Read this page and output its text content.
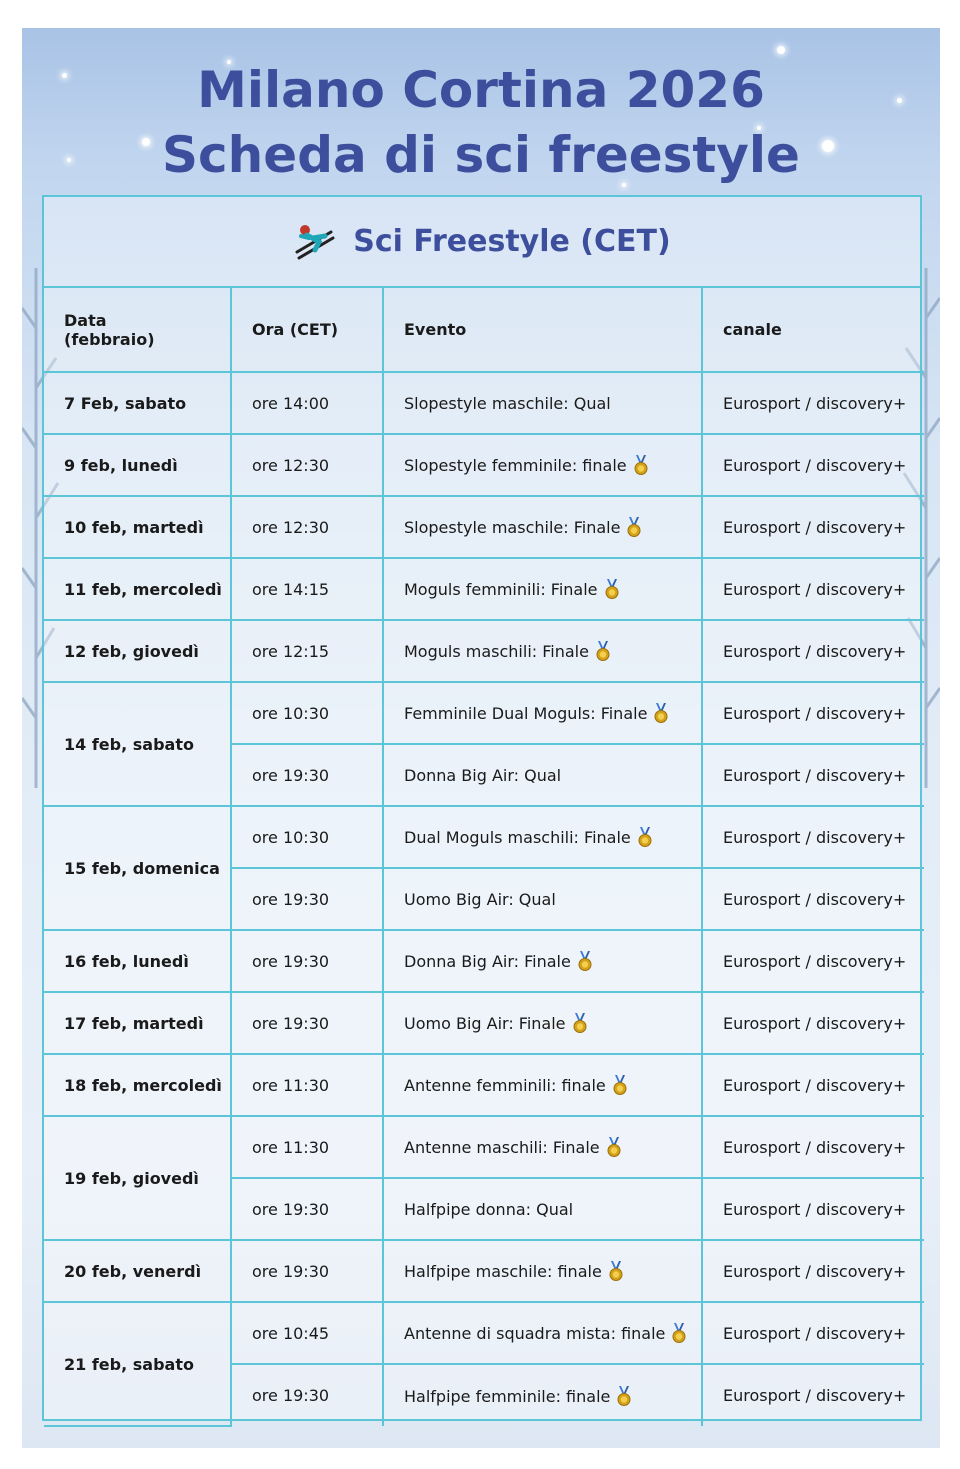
Milano Cortina 2026
Scheda di sci freestyle
Sci Freestyle (CET)
Data
(febbraio)	Ora (CET)	Evento	canale
7 Feb, sabato	ore 14:00	Slopestyle maschile: Qual	Eurosport / discovery+
9 feb, lunedì	ore 12:30	Slopestyle femminile: finale	Eurosport / discovery+
10 feb, martedì	ore 12:30	Slopestyle maschile: Finale	Eurosport / discovery+
11 feb, mercoledì	ore 14:15	Moguls femminili: Finale	Eurosport / discovery+
12 feb, giovedì	ore 12:15	Moguls maschili: Finale	Eurosport / discovery+
14 feb, sabato	ore 10:30	Femminile Dual Moguls: Finale	Eurosport / discovery+
	ore 19:30	Donna Big Air: Qual	Eurosport / discovery+
15 feb, domenica	ore 10:30	Dual Moguls maschili: Finale	Eurosport / discovery+
	ore 19:30	Uomo Big Air: Qual	Eurosport / discovery+
16 feb, lunedì	ore 19:30	Donna Big Air: Finale	Eurosport / discovery+
17 feb, martedì	ore 19:30	Uomo Big Air: Finale	Eurosport / discovery+
18 feb, mercoledì	ore 11:30	Antenne femminili: finale	Eurosport / discovery+
19 feb, giovedì	ore 11:30	Antenne maschili: Finale	Eurosport / discovery+
	ore 19:30	Halfpipe donna: Qual	Eurosport / discovery+
20 feb, venerdì	ore 19:30	Halfpipe maschile: finale	Eurosport / discovery+
21 feb, sabato	ore 10:45	Antenne di squadra mista: finale	Eurosport / discovery+
	ore 19:30	Halfpipe femminile: finale	Eurosport / discovery+
